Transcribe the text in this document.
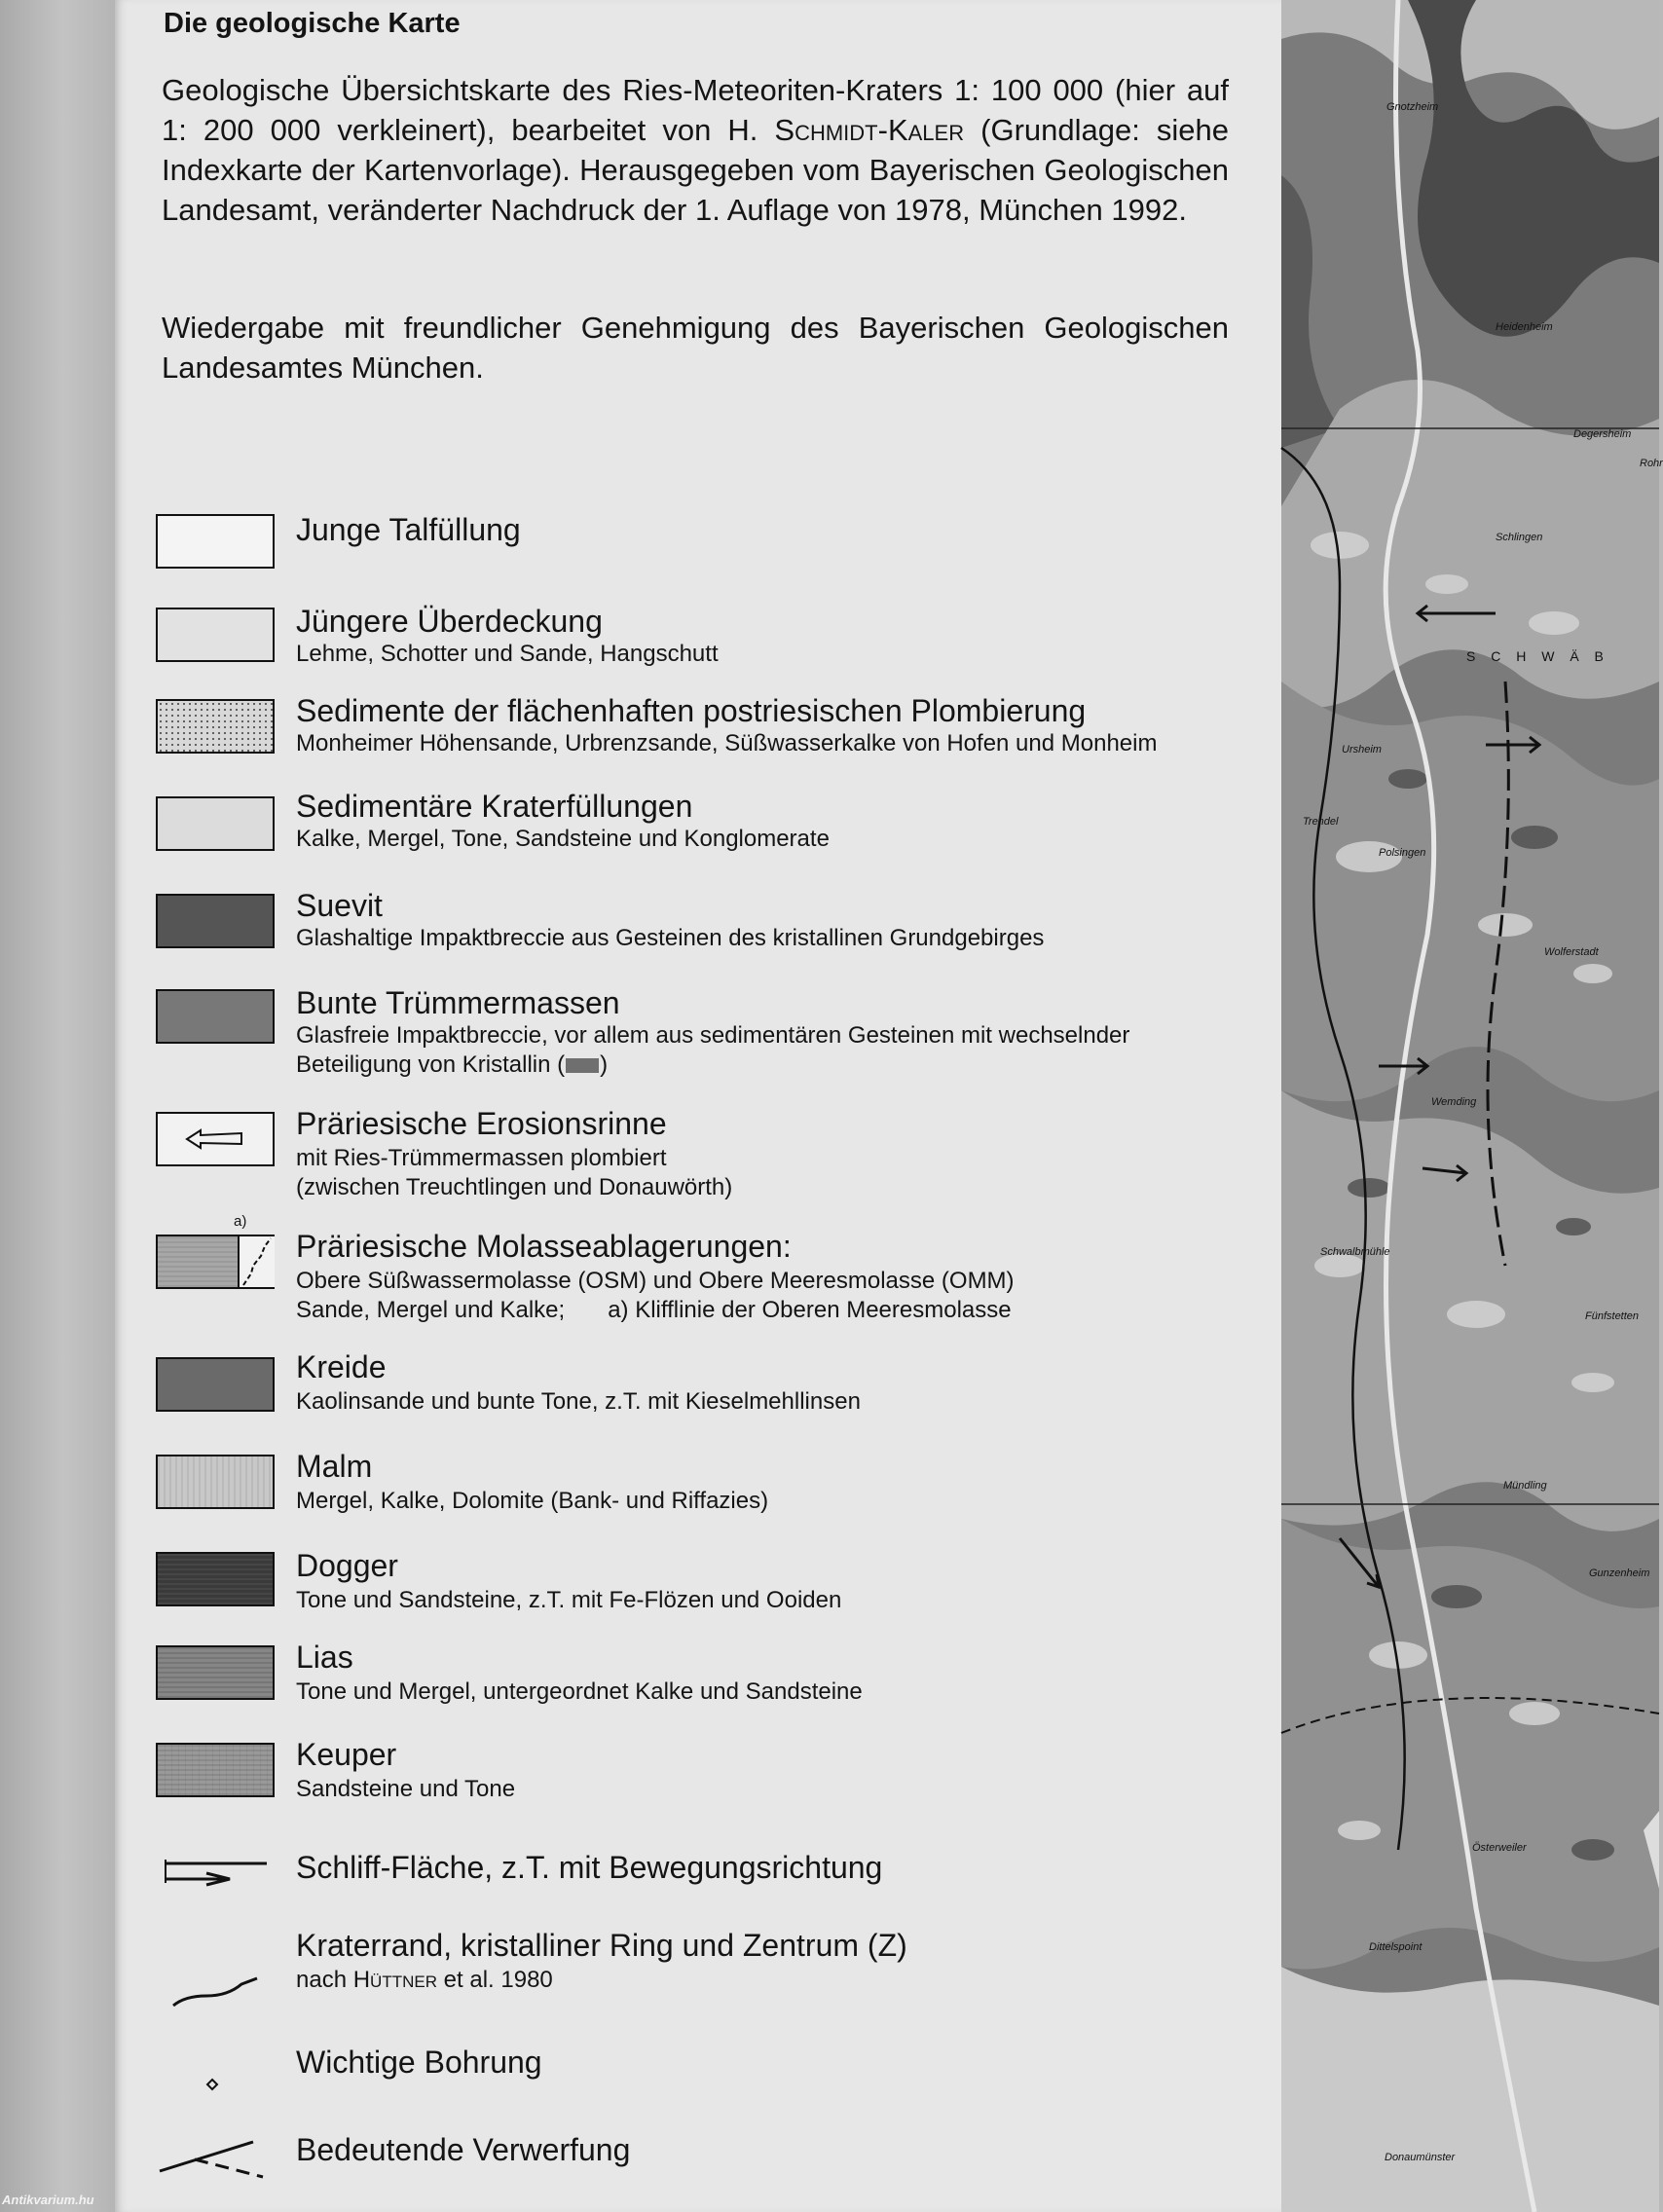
Die geologische Karte

Geologische Übersichtskarte des Ries-Meteoriten-Kraters 1: 100 000 (hier auf 1: 200 000 verkleinert), bearbeitet von H. Schmidt-Kaler (Grundlage: siehe Indexkarte der Kartenvorlage). Herausgegeben vom Bayerischen Geologischen Landesamt, veränderter Nachdruck der 1. Auflage von 1978, München 1992.

Wiedergabe mit freundlicher Genehmigung des Bayerischen Geologischen Landesamtes München.

Junge Talfüllung
Jüngere Überdeckung
Lehme, Schotter und Sande, Hangschutt
Sedimente der flächenhaften postriesischen Plombierung
Monheimer Höhensande, Urbrenzsande, Süßwasserkalke von Hofen und Monheim
Sedimentäre Kraterfüllungen
Kalke, Mergel, Tone, Sandsteine und Konglomerate
Suevit
Glashaltige Impaktbreccie aus Gesteinen des kristallinen Grundgebirges
Bunte Trümmermassen
Glasfreie Impaktbreccie, vor allem aus sedimentären Gesteinen mit wechselnder
Beteiligung von Kristallin ( )
Präriesische Erosionsrinne
mit Ries-Trümmermassen plombiert
(zwischen Treuchtlingen und Donauwörth)
a)
Präriesische Molasseablagerungen:
Obere Süßwassermolasse (OSM) und Obere Meeresmolasse (OMM)
Sande, Mergel und Kalke; a) Klifflinie der Oberen Meeresmolasse
Kreide
Kaolinsande und bunte Tone, z.T. mit Kieselmehllinsen
Malm
Mergel, Kalke, Dolomite (Bank- und Riffazies)
Dogger
Tone und Sandsteine, z.T. mit Fe-Flözen und Ooiden
Lias
Tone und Mergel, untergeordnet Kalke und Sandsteine
Keuper
Sandsteine und Tone
Schliff-Fläche, z.T. mit Bewegungsrichtung
Kraterrand, kristalliner Ring und Zentrum (Z)
nach Hüttner et al. 1980
Wichtige Bohrung
Bedeutende Verwerfung
Gnotzheim
Heidenheim
Degersheim
Rohr
Schlingen
S C H W Ä B
Ursheim
Trendel
Polsingen
Wolferstadt
Wemding
Schwalbmühle
Fünfstetten
Mündling
Gunzenheim
Österweiler
Dittelspoint
Donaumünster
Antikvarium.hu
